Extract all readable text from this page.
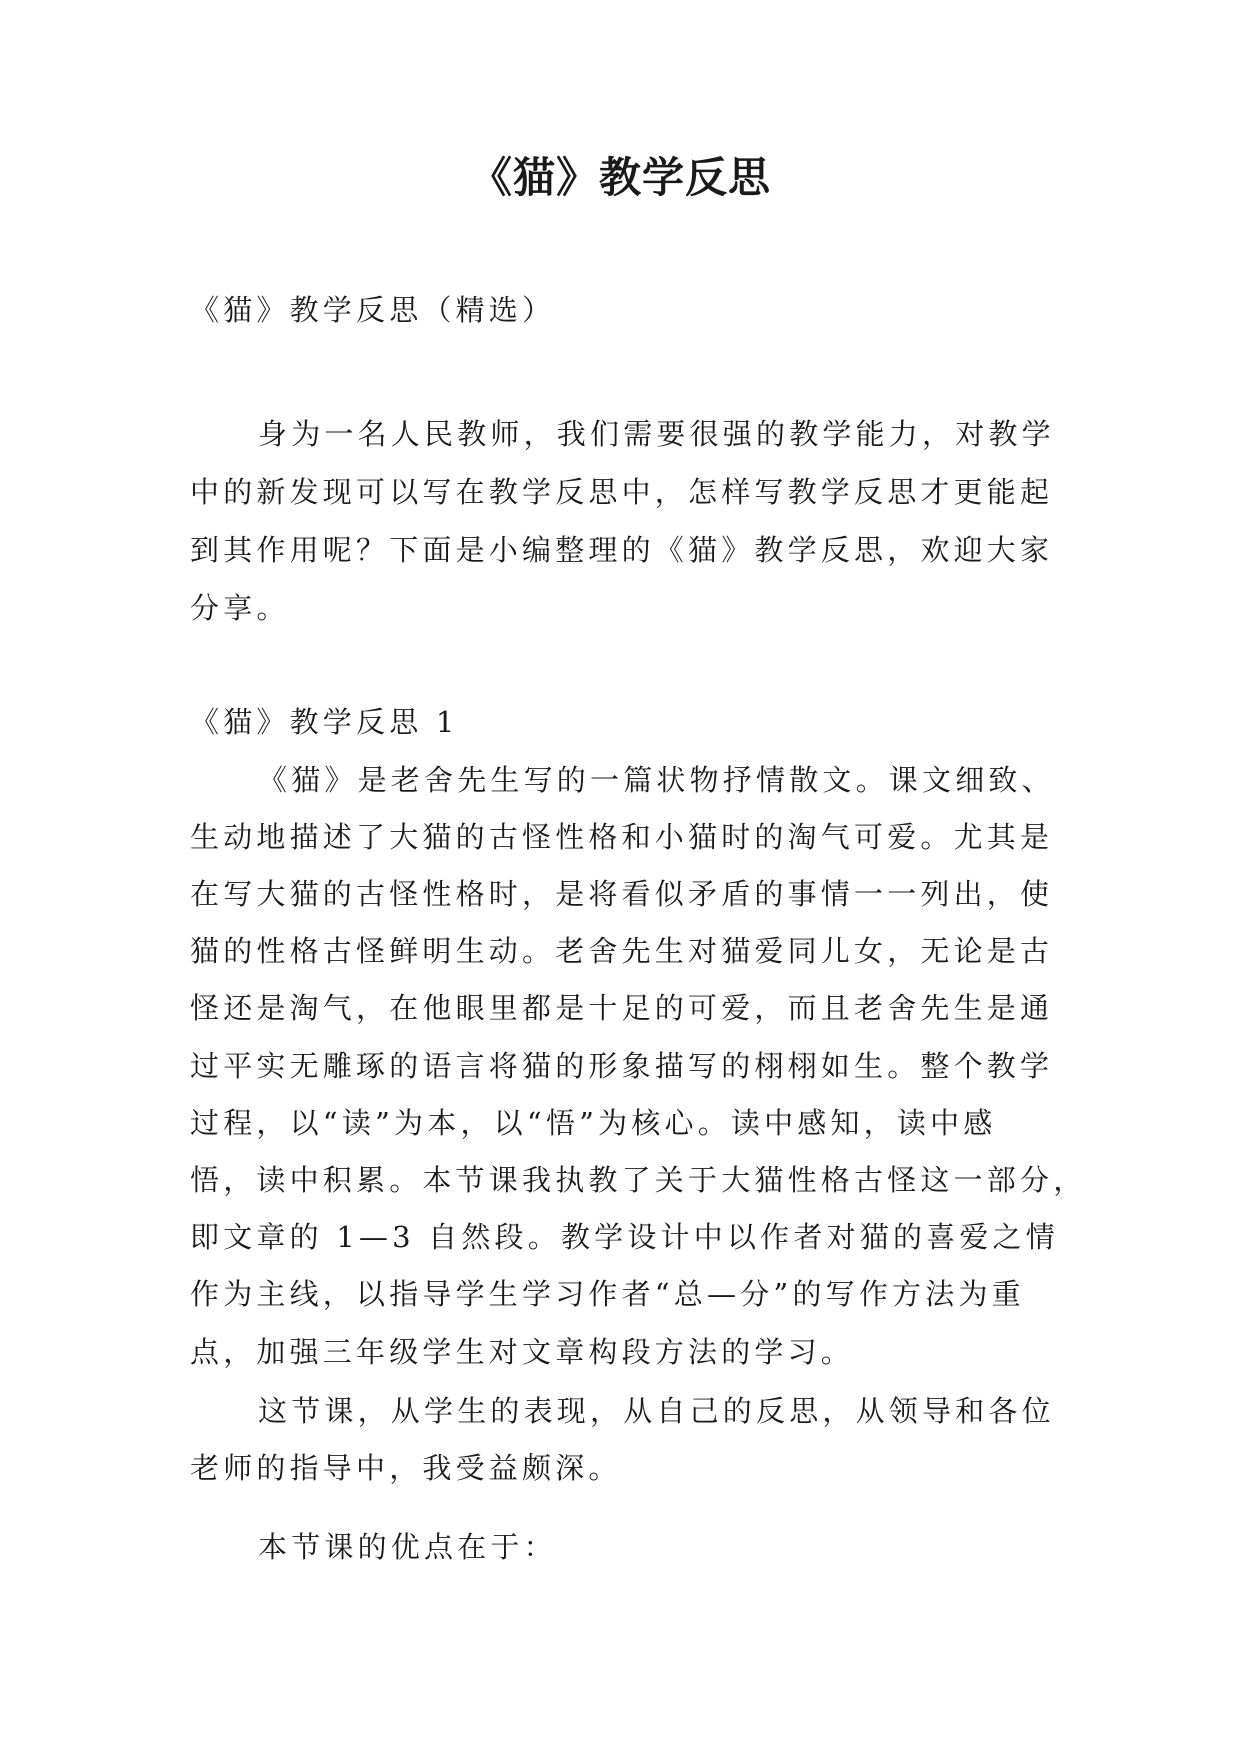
《猫》教学反思
《猫》教学反思（精选）
身为一名人民教师，我们需要很强的教学能力，对教学
中的新发现可以写在教学反思中，怎样写教学反思才更能起
到其作用呢？下面是小编整理的《猫》教学反思，欢迎大家
分享。
《猫》教学反思 1
《猫》是老舍先生写的一篇状物抒情散文。课文细致、
生动地描述了大猫的古怪性格和小猫时的淘气可爱。尤其是
在写大猫的古怪性格时，是将看似矛盾的事情一一列出，使
猫的性格古怪鲜明生动。老舍先生对猫爱同儿女，无论是古
怪还是淘气，在他眼里都是十足的可爱，而且老舍先生是通
过平实无雕琢的语言将猫的形象描写的栩栩如生。整个教学
过程，以“读”为本，以“悟”为核心。读中感知，读中感
悟，读中积累。本节课我执教了关于大猫性格古怪这一部分，
即文章的 1—3 自然段。教学设计中以作者对猫的喜爱之情
作为主线，以指导学生学习作者“总—分”的写作方法为重
点，加强三年级学生对文章构段方法的学习。
这节课，从学生的表现，从自己的反思，从领导和各位
老师的指导中，我受益颇深。
本节课的优点在于：
